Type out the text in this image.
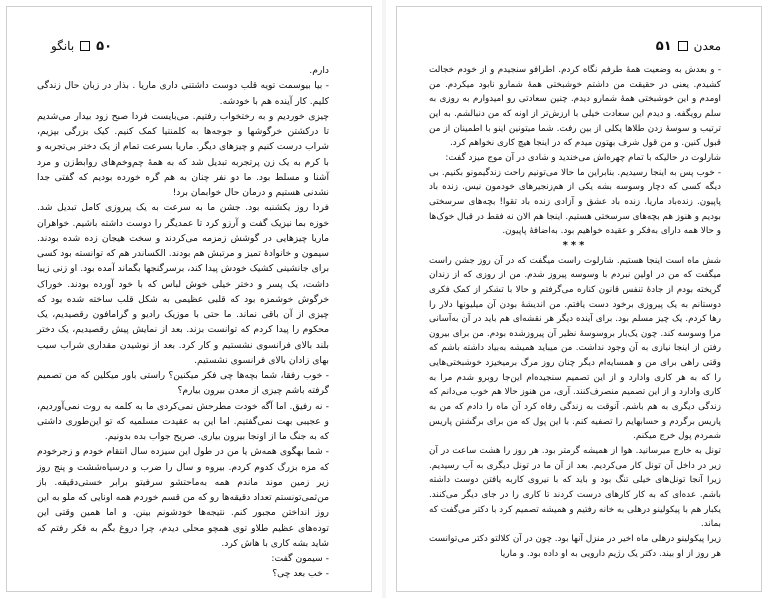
۵۰
بانگو

دارم.

- بیا بیوسمت تویه قلب دوست داشتنی داری ماریا . بذار در زبان حال زندگی کلیم. کار آینده هم با خودشه.

چیزی خوردیم و به رختخواب رفتیم. می‌بایست فردا صبح زود بیدار می‌شدیم تا درکشتن خرگوشها و جوجه‌ها به کلمنتیا کمک کنیم. کیک بزرگی بپزیم، شراب درست کنیم و چیزهای دیگر. ماریا بسرعت تمام از یک دختر بی‌تجربه و با کرم به یک زن پرتجربه تبدیل شد که به همهٔ چم‌وخم‌های روابط‌زن و مرد آشنا و مسلط بود. ما دو نفر چنان به هم گره خورده بودیم که گفتی جدا نشدنی هستیم و درمان حال خوابمان برد!

فردا روز یکشنبه بود. جشن ما به سرعت به یک پیروزی کامل تبدیل شد. خوزه بما نیزیک گفت و آرزو کرد تا عمدیگر را دوست داشته باشیم. خواهران ماریا چیزهایی در گوشش زمزمه می‌کردند و سخت هیجان زده شده بودند. سیمون و خانوادهٔ تمیز و مرتبش هم بودند. الکساندر هم که توانسته بود کسی برای جانشینی کشیک خودش پیدا کند، برسرگنجها بگماند آمده بود. او زنی زیبا داشت، یک پسر و دختر خیلی خوش لباس که با خود آورده بودند. خوراک خرگوش خوشمزه بود که قلبی عظیمی به شکل قلب ساخته شده بود که چیزی از آن باقی نماند. ما حتی با موزیک رادیو و گرامافون رقصیدیم، یک محکوم را پیدا کردم که توانست بزند. بعد از نمایش پیش رقصیدیم، یک دختر بلند بالای فرانسوی نشستیم و کار کرد. بعد از نوشیدن مقداری شراب سیب بهای زادان بالای فرانسوی نشستیم.

- خوب رفقا، شما بچه‌ها چی فکر میکنین؟ راستی باور میکلین که من تصمیم گرفته باشم چیزی از معدن بیرون بیارم؟

- نه رفیق. اما آگه خودت مطرحش نمی‌کردی ما به کلمه به روت نمی‌آوردیم، و عجیبی بهت نمی‌گفتیم. اما این به عقیدت مسلمیه که تو این‌طوری داشتی که به جنگ ما از اونجا بیرون بیاری. صریح جواب بده بدونیم.

- شما بهگوی همه‌ش یا من در طول این سیزده سال انتقام خودم و زجرخودم که مزه بزرگ کدوم کردم. بیروه و سال را ضرب و درسیاه‌ششت و پنج روز زیر زمین موند ماندم همه به‌ماحتشو سرفیتو برابر خستی‌دقیقه. باز من‌ثمی‌تونستم تعداد دقیقه‌ها رو که من قسم خوردم همه اونایی که ملو به این روز انداختن مجبور کنم. نتیجه‌ها خودشونم بینن. و اما همین وقتی این توده‌های عظیم طلاو توی همچو محلی دیدم، چرا دروغ بگم به فکر رفتم که شاید بشه کاری با هاش کرد.

- سیمون گفت:

- خب بعد چی؟

معدن
۵۱

- و بعدش به وضعیت همهٔ طرفم نگاه کردم. اطرافو سنجیدم و از خودم خجالت کشیدم. یعنی در حقیقت من داشتم خوشبختی همهٔ شمارو نابود میکردم. من اومدم و این خوشبختی همهٔ شمارو دیدم. چنین سعادتی رو امیدوارم به روزی به سلم رویگفه. و دیدم این سعادت خیلی با ارزش‌تر از اونه که من دنبالشم. به این ترتیب و سوسهٔ زدن طلاها یکلی از بین رفت. شما میتونین اینو با اطمینان از من قبول کنین. و من قول شرف بهتون میدم که در اینجا هیچ کاری نخواهم کرد.

شارلوت در حالیکه با تمام چهره‌اش می‌خندید و شادی در آن موج میزد گفت:

- خوب پس به اینجا رسیدیم. بنابراین ما حالا می‌تونیم راحت زندگیمونو بکنیم. بی دیگه کسی که دچار وسوسه بشه یکی از هم‌زنجیرهای خودمون نیس. زنده باد پاپیون. زنده‌باد ماریا. زنده باد عشق و آزادی زنده باد تقوا! بچه‌های سرسختی بودیم و هنوز هم بچه‌های سرسختی هستیم. اینجا هم الان نه فقط در قبال خوک‌ها و حالا همه دارای به‌فکر و عقیده خواهیم بود. به‌اضافهٔ پاپیون.

***

شش ماه است اینجا هستیم. شارلوت راست میگفت که در آن روز جشن راست میگفت که من در اولین نبردم با وسوسه پیروز شدم. من از روزی که از زندان گریخته بودم از جادهٔ تنفس قانون کناره می‌گرفتم و حالا با تشکر از کمک فکری دوستانم به یک پیروزی برخود دست یافتم. من اندیشهٔ بودن آن میلیونها دلار را رها کردم. یک چیز مسلم بود. برای آینده دیگر هر نقشه‌ای هم باید در آن به‌آسانی مرا وسوسه کند. چون یک‌بار بروسوسهٔ نظیر آن پیروزشده بودم. من برای بیرون رفتن از اینجا نیازی به آن وجود نداشت. من میباید همیشه به‌بیاد داشته باشم که وقتی راهی برای من و همسایه‌ام دیگر چنان روز مرگ برمیخیزد خوشبختی‌هایی را که به هر کاری وادارد و از این تصمیم سنجیده‌ام این‌جا روبرو شدم مرا به کاری وادارد و از این تصمیم منصرف‌کنند. آری، من هنوز حالا هم خوب می‌دانم که زندگی دیگری به هم باشم. آنوقت به زندگی رفاه کرد آن ماه را دادم که من به پاریس برگردم و حسابهایم را تصفیه کنم. با این پول که من برای برگشتن پاریس شمردم پول خرج میکنم.

تونل به خارج میرسانید. هوا از همیشه گرمتر بود. هر روز را هشت ساعت در آن زیر در داخل آن تونل کار می‌کردیم. بعد از آن ما در تونل دیگری به آب رسیدیم. زیرا آنجا تونل‌های خیلی تنگ بود و باید که با نیروی کاربه یافتن دوست داشته باشم. عده‌ای که به کار کارهای درست کردند تا کاری را در جای دیگر می‌کنند. یکبار هم با پیکولینو درهلی به خانه رفتیم و همیشه تصمیم کرد با دکتر می‌گفت که بماند.

زیرا پیکولینو درهلی ماه اخیر در منزل آنها بود. چون در آن کلالتو دکتر می‌توانست هر روز از او بیند. دکتر یک رژیم دارویی به او داده بود. و ماریا
